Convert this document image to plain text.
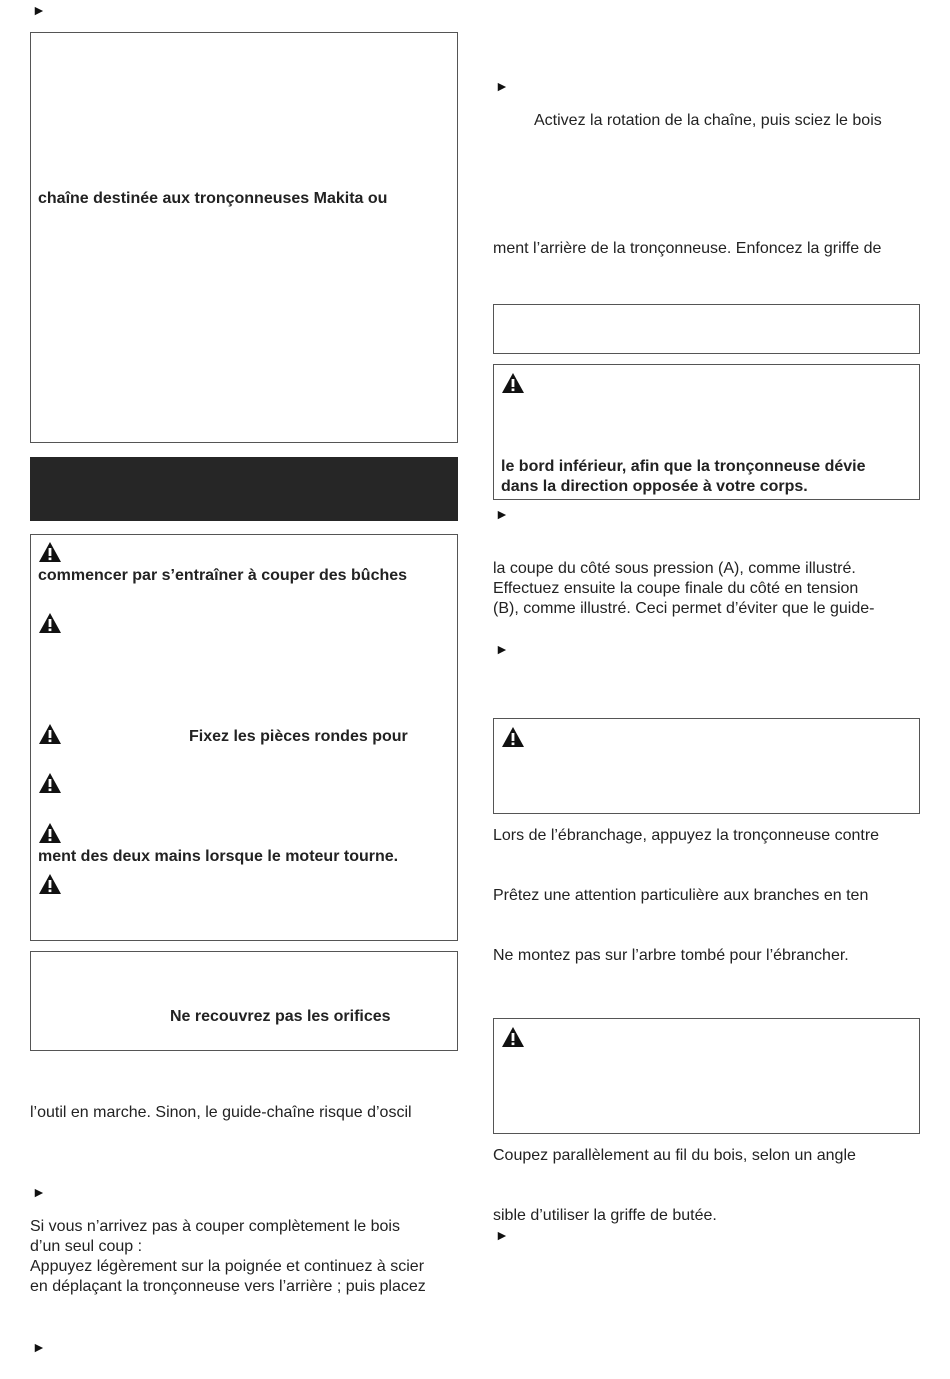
►
chaîne destinée aux tronçonneuses Makita ou
commencer par s’entraîner à couper des bûches
Fixez les pièces rondes pour
ment des deux mains lorsque le moteur tourne.
Ne recouvrez pas les orifices
l’outil en marche. Sinon, le guide-chaîne risque d’oscil
►
Si vous n’arrivez pas à couper complètement le bois
d’un seul coup :
Appuyez légèrement sur la poignée et continuez à scier
en déplaçant la tronçonneuse vers l’arrière ; puis placez
►
►
Activez la rotation de la chaîne, puis sciez le bois
ment l’arrière de la tronçonneuse. Enfoncez la griffe de
le bord inférieur, afin que la tronçonneuse dévie
dans la direction opposée à votre corps.
►
la coupe du côté sous pression (A), comme illustré.
Effectuez ensuite la coupe finale du côté en tension
(B), comme illustré. Ceci permet d’éviter que le guide-
►
Lors de l’ébranchage, appuyez la tronçonneuse contre
Prêtez une attention particulière aux branches en ten
Ne montez pas sur l’arbre tombé pour l’ébrancher.
Coupez parallèlement au fil du bois, selon un angle
sible d’utiliser la griffe de butée.
►
